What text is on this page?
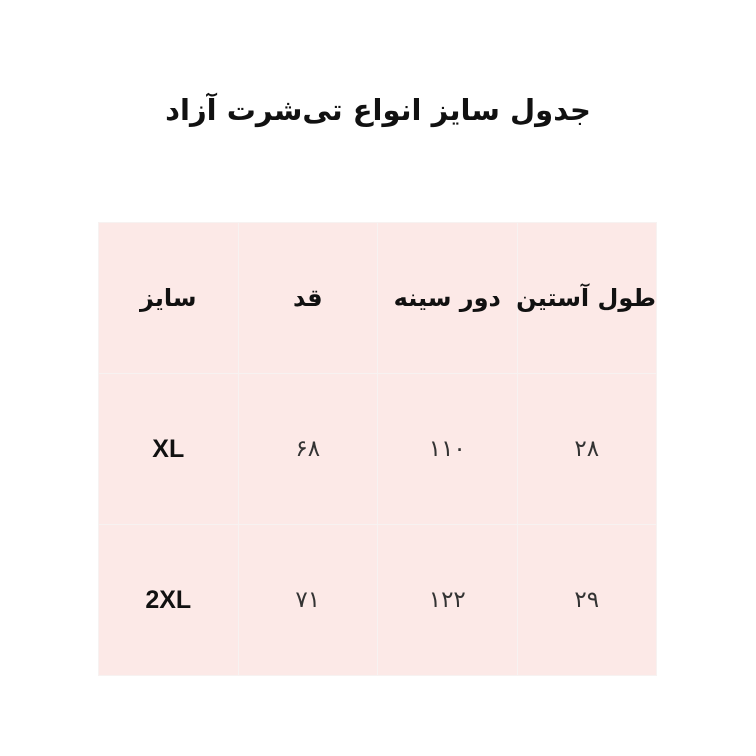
جدول سایز انواع تی‌شرت آزاد
طول آستین	دور سینه	قد	سایز
۲۸	۱۱۰	۶۸	XL
۲۹	۱۲۲	۷۱	2XL
